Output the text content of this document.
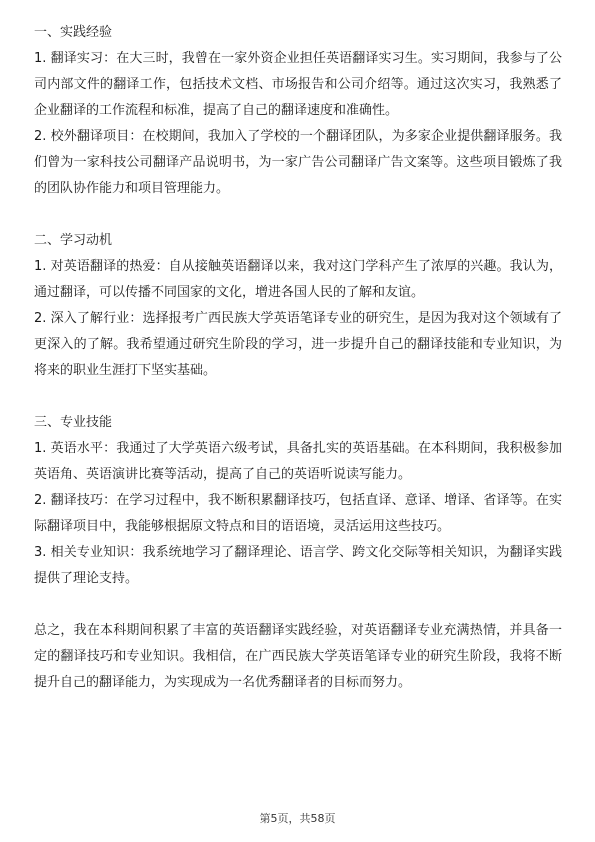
一、实践经验

1. 翻译实习：在大三时，我曾在一家外资企业担任英语翻译实习生。实习期间，我参与了公司内部文件的翻译工作，包括技术文档、市场报告和公司介绍等。通过这次实习，我熟悉了企业翻译的工作流程和标准，提高了自己的翻译速度和准确性。

2. 校外翻译项目：在校期间，我加入了学校的一个翻译团队，为多家企业提供翻译服务。我们曾为一家科技公司翻译产品说明书，为一家广告公司翻译广告文案等。这些项目锻炼了我的团队协作能力和项目管理能力。

二、学习动机

1. 对英语翻译的热爱：自从接触英语翻译以来，我对这门学科产生了浓厚的兴趣。我认为，通过翻译，可以传播不同国家的文化，增进各国人民的了解和友谊。

2. 深入了解行业：选择报考广西民族大学英语笔译专业的研究生，是因为我对这个领域有了更深入的了解。我希望通过研究生阶段的学习，进一步提升自己的翻译技能和专业知识，为将来的职业生涯打下坚实基础。

三、专业技能

1. 英语水平：我通过了大学英语六级考试，具备扎实的英语基础。在本科期间，我积极参加英语角、英语演讲比赛等活动，提高了自己的英语听说读写能力。

2. 翻译技巧：在学习过程中，我不断积累翻译技巧，包括直译、意译、增译、省译等。在实际翻译项目中，我能够根据原文特点和目的语语境，灵活运用这些技巧。

3. 相关专业知识：我系统地学习了翻译理论、语言学、跨文化交际等相关知识，为翻译实践提供了理论支持。

总之，我在本科期间积累了丰富的英语翻译实践经验，对英语翻译专业充满热情，并具备一定的翻译技巧和专业知识。我相信，在广西民族大学英语笔译专业的研究生阶段，我将不断提升自己的翻译能力，为实现成为一名优秀翻译者的目标而努力。

第5页，共58页
